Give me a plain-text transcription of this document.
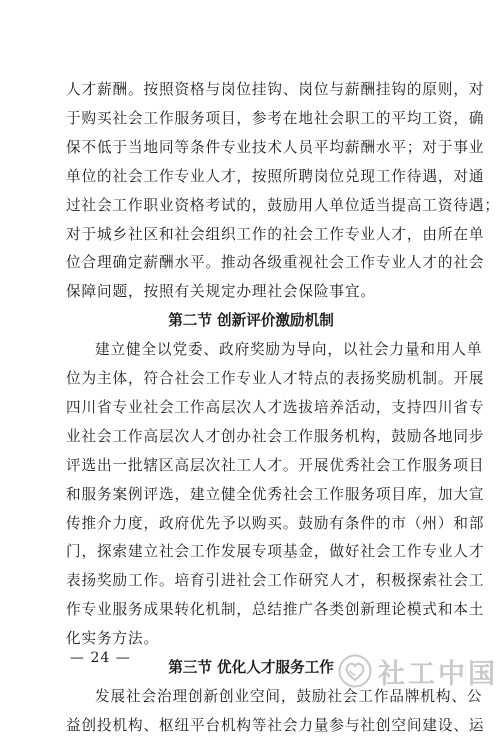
人才薪酬。按照资格与岗位挂钩、岗位与薪酬挂钩的原则，对
于购买社会工作服务项目，参考在地社会职工的平均工资，确
保不低于当地同等条件专业技术人员平均薪酬水平；对于事业
单位的社会工作专业人才，按照所聘岗位兑现工作待遇，对通
过社会工作职业资格考试的，鼓励用人单位适当提高工资待遇；
对于城乡社区和社会组织工作的社会工作专业人才，由所在单
位合理确定薪酬水平。推动各级重视社会工作专业人才的社会
保障问题，按照有关规定办理社会保险事宜。
第二节 创新评价激励机制
建立健全以党委、政府奖励为导向，以社会力量和用人单
位为主体，符合社会工作专业人才特点的表扬奖励机制。开展
四川省专业社会工作高层次人才选拔培养活动，支持四川省专
业社会工作高层次人才创办社会工作服务机构，鼓励各地同步
评选出一批辖区高层次社工人才。开展优秀社会工作服务项目
和服务案例评选，建立健全优秀社会工作服务项目库，加大宣
传推介力度，政府优先予以购买。鼓励有条件的市（州）和部
门，探索建立社会工作发展专项基金，做好社会工作专业人才
表扬奖励工作。培育引进社会工作研究人才，积极探索社会工
作专业服务成果转化机制，总结推广各类创新理论模式和本土
化实务方法。
第三节 优化人才服务工作
发展社会治理创新创业空间，鼓励社会工作品牌机构、公
益创投机构、枢纽平台机构等社会力量参与社创空间建设、运
— 24 —
社工中国
